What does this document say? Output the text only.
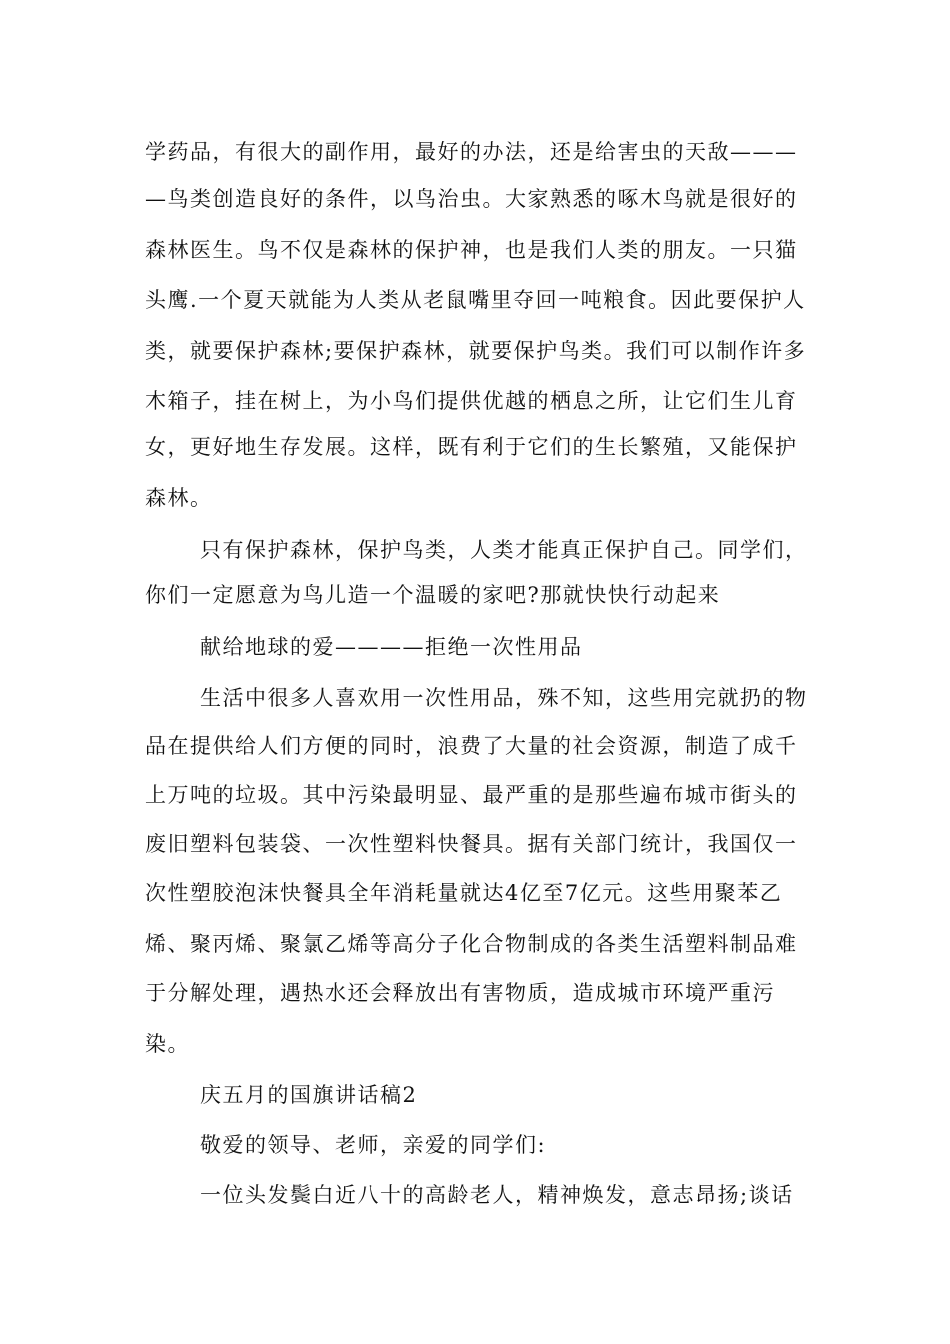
学药品，有很大的副作用，最好的办法，还是给害虫的天敌———
—鸟类创造良好的条件，以鸟治虫。大家熟悉的啄木鸟就是很好的
森林医生。鸟不仅是森林的保护神，也是我们人类的朋友。一只猫
头鹰.一个夏天就能为人类从老鼠嘴里夺回一吨粮食。因此要保护人
类，就要保护森林;要保护森林，就要保护鸟类。我们可以制作许多
木箱子，挂在树上，为小鸟们提供优越的栖息之所，让它们生儿育
女，更好地生存发展。这样，既有利于它们的生长繁殖，又能保护
森林。
只有保护森林，保护鸟类，人类才能真正保护自己。同学们，
你们一定愿意为鸟儿造一个温暖的家吧?那就快快行动起来
献给地球的爱————拒绝一次性用品
生活中很多人喜欢用一次性用品，殊不知，这些用完就扔的物
品在提供给人们方便的同时，浪费了大量的社会资源，制造了成千
上万吨的垃圾。其中污染最明显、最严重的是那些遍布城市街头的
废旧塑料包装袋、一次性塑料快餐具。据有关部门统计，我国仅一
次性塑胶泡沫快餐具全年消耗量就达4亿至7亿元。这些用聚苯乙
烯、聚丙烯、聚氯乙烯等高分子化合物制成的各类生活塑料制品难
于分解处理，遇热水还会释放出有害物质，造成城市环境严重污
染。
庆五月的国旗讲话稿2
敬爱的领导、老师，亲爱的同学们:
一位头发鬓白近八十的高龄老人，精神焕发，意志昂扬;谈话
